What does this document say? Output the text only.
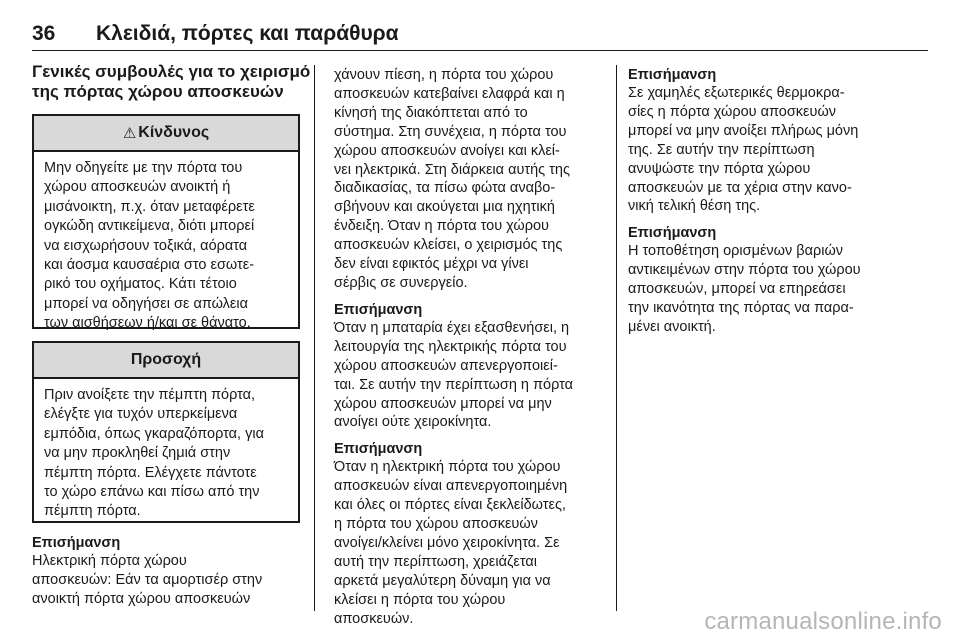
36	Κλειδιά, πόρτες και παράθυρα
Γενικές συμβουλές για το χειρισμό
της πόρτας χώρου αποσκευών
⚠ Κίνδυνος
Μην οδηγείτε με την πόρτα του
χώρου αποσκευών ανοικτή ή
μισάνοικτη, π.χ. όταν μεταφέρετε
ογκώδη αντικείμενα, διότι μπορεί
να εισχωρήσουν τοξικά, αόρατα
και άοσμα καυσαέρια στο εσωτε‐
ρικό του οχήματος. Κάτι τέτοιο
μπορεί να οδηγήσει σε απώλεια
των αισθήσεων ή/και σε θάνατο.
Προσοχή
Πριν ανοίξετε την πέμπτη πόρτα,
ελέγξτε για τυχόν υπερκείμενα
εμπόδια, όπως γκαραζόπορτα, για
να μην προκληθεί ζημιά στην
πέμπτη πόρτα. Ελέγχετε πάντοτε
το χώρο επάνω και πίσω από την
πέμπτη πόρτα.
Επισήμανση
Ηλεκτρική πόρτα χώρου
αποσκευών: Εάν τα αμορτισέρ στην
ανοικτή πόρτα χώρου αποσκευών
χάνουν πίεση, η πόρτα του χώρου
αποσκευών κατεβαίνει ελαφρά και η
κίνησή της διακόπτεται από το
σύστημα. Στη συνέχεια, η πόρτα του
χώρου αποσκευών ανοίγει και κλεί‐
νει ηλεκτρικά. Στη διάρκεια αυτής της
διαδικασίας, τα πίσω φώτα αναβο‐
σβήνουν και ακούγεται μια ηχητική
ένδειξη. Όταν η πόρτα του χώρου
αποσκευών κλείσει, ο χειρισμός της
δεν είναι εφικτός μέχρι να γίνει
σέρβις σε συνεργείο.
Επισήμανση
Όταν η μπαταρία έχει εξασθενήσει, η
λειτουργία της ηλεκτρικής πόρτα του
χώρου αποσκευών απενεργοποιεί‐
ται. Σε αυτήν την περίπτωση η πόρτα
χώρου αποσκευών μπορεί να μην
ανοίγει ούτε χειροκίνητα.
Επισήμανση
Όταν η ηλεκτρική πόρτα του χώρου
αποσκευών είναι απενεργοποιημένη
και όλες οι πόρτες είναι ξεκλείδωτες,
η πόρτα του χώρου αποσκευών
ανοίγει/κλείνει μόνο χειροκίνητα. Σε
αυτή την περίπτωση, χρειάζεται
αρκετά μεγαλύτερη δύναμη για να
κλείσει η πόρτα του χώρου
αποσκευών.
Επισήμανση
Σε χαμηλές εξωτερικές θερμοκρα‐
σίες η πόρτα χώρου αποσκευών
μπορεί να μην ανοίξει πλήρως μόνη
της. Σε αυτήν την περίπτωση
ανυψώστε την πόρτα χώρου
αποσκευών με τα χέρια στην κανο‐
νική τελική θέση της.
Επισήμανση
Η τοποθέτηση ορισμένων βαριών
αντικειμένων στην πόρτα του χώρου
αποσκευών, μπορεί να επηρεάσει
την ικανότητα της πόρτας να παρα‐
μένει ανοικτή.
carmanualsonline.info
